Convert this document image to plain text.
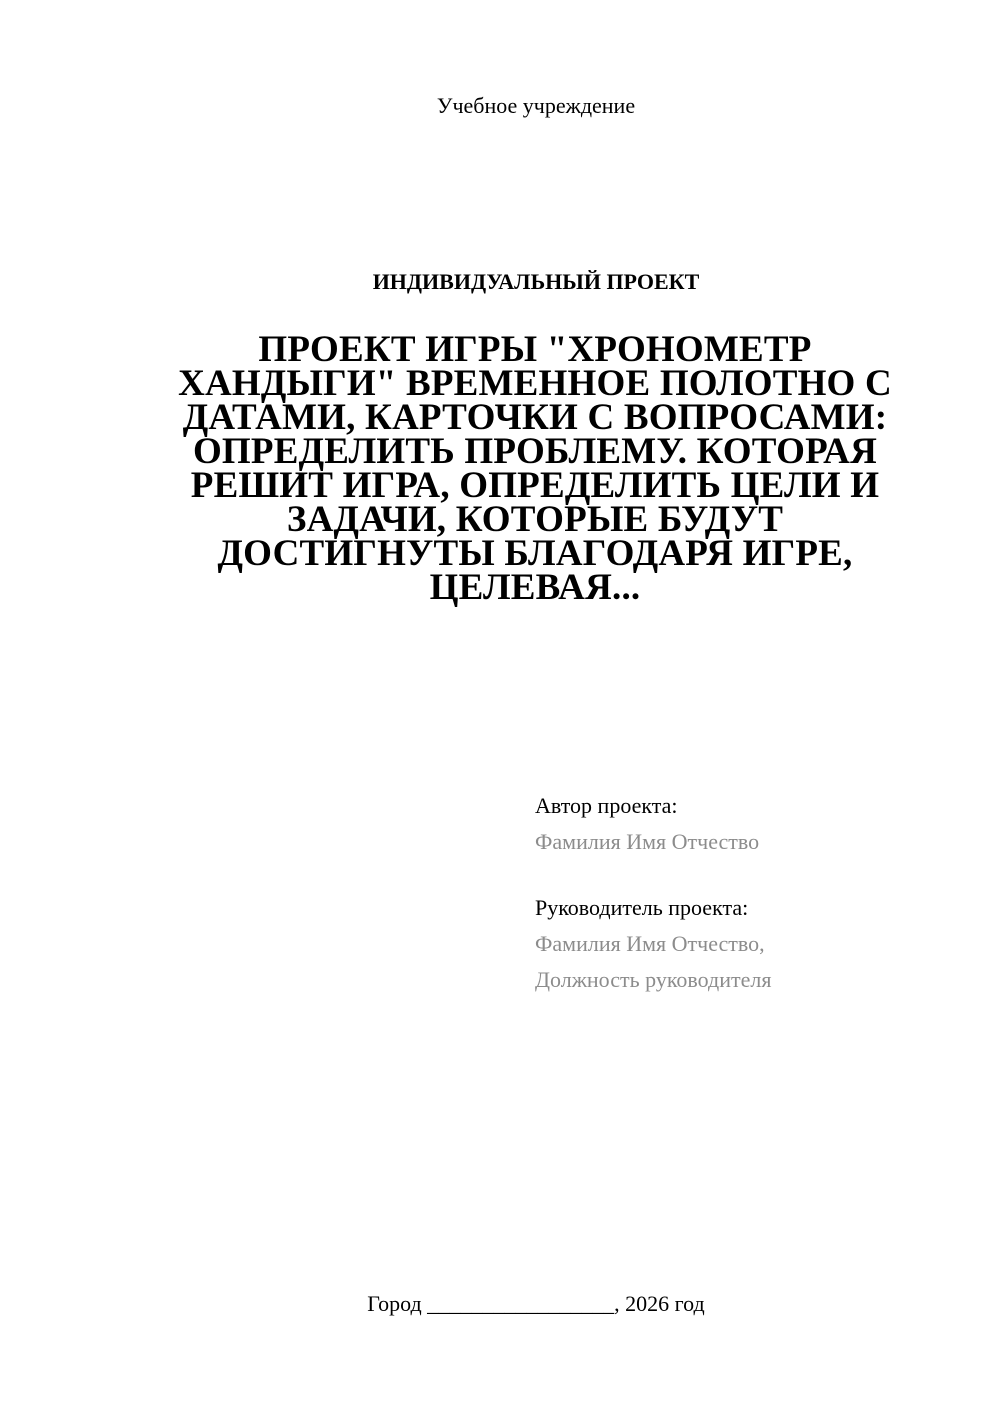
Учебное учреждение
ИНДИВИДУАЛЬНЫЙ ПРОЕКТ
ПРОЕКТ ИГРЫ "ХРОНОМЕТР ХАНДЫГИ" ВРЕМЕННОЕ ПОЛОТНО С ДАТАМИ, КАРТОЧКИ С ВОПРОСАМИ: ОПРЕДЕЛИТЬ ПРОБЛЕМУ. КОТОРАЯ РЕШИТ ИГРА, ОПРЕДЕЛИТЬ ЦЕЛИ И ЗАДАЧИ, КОТОРЫЕ БУДУТ ДОСТИГНУТЫ БЛАГОДАРЯ ИГРЕ, ЦЕЛЕВАЯ...
Автор проекта:
Фамилия Имя Отчество
Руководитель проекта:
Фамилия Имя Отчество,
Должность руководителя
Город _________________, 2026 год
